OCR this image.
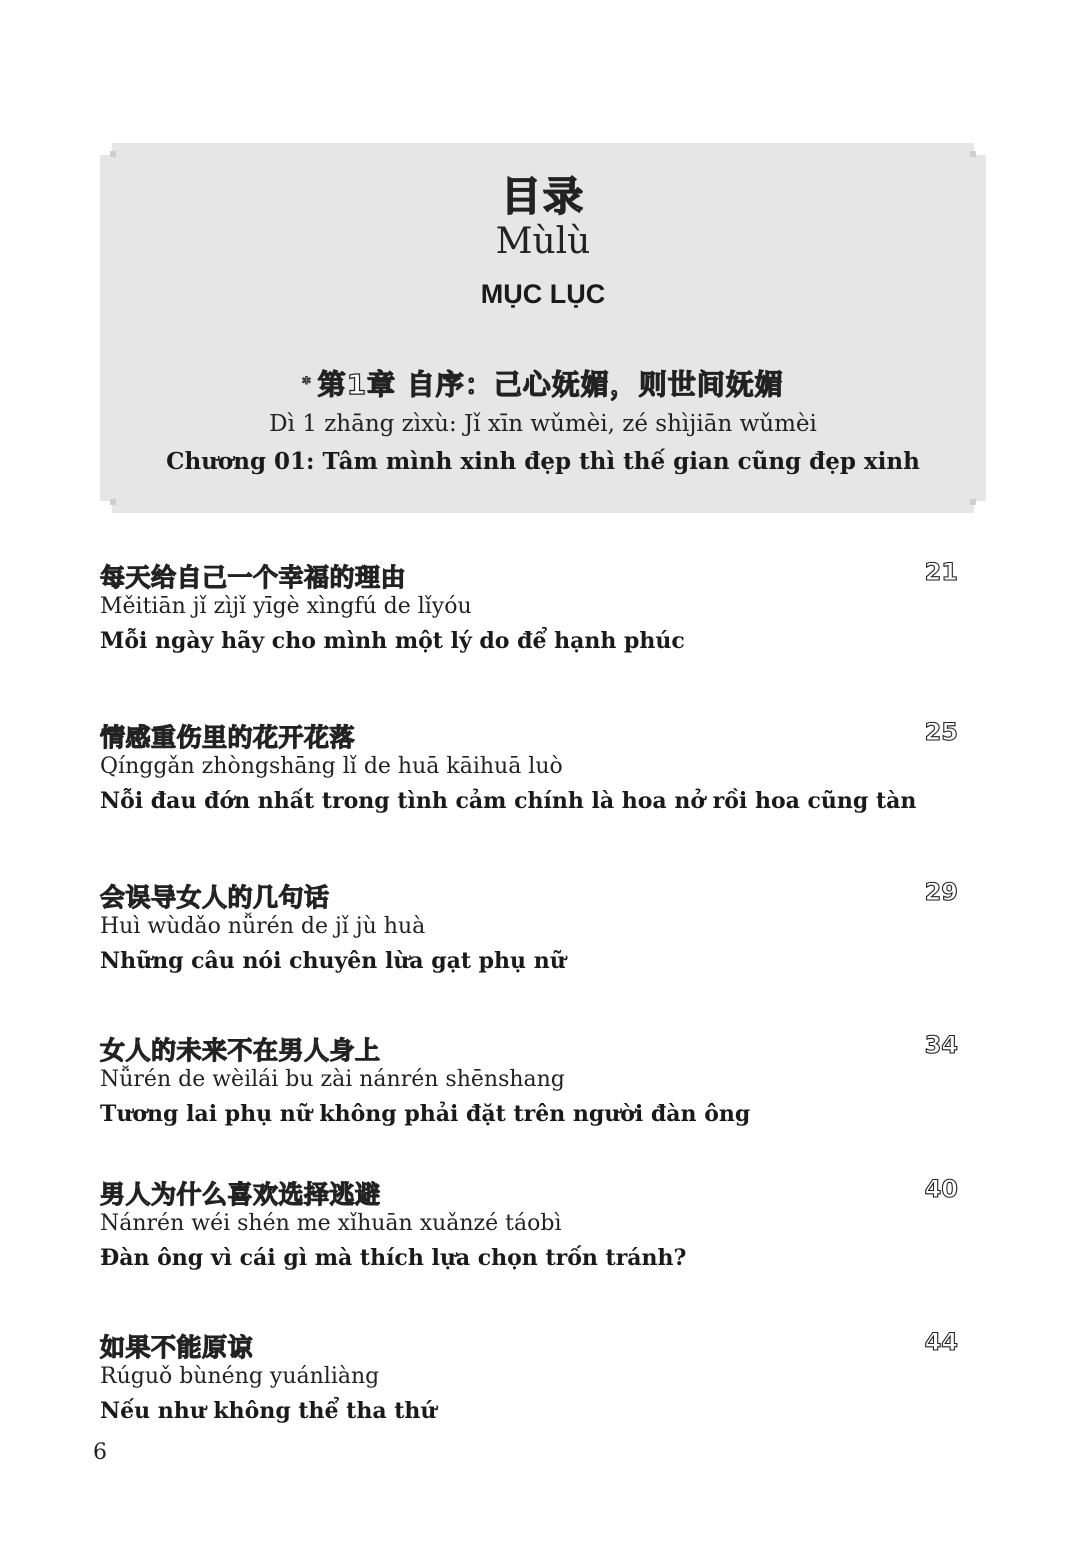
目录
Mùlù
MỤC LỤC
* 第1章 自序：己心妩媚，则世间妩媚
Dì 1 zhāng zìxù: Jǐ xīn wǔmèi, zé shìjiān wǔmèi
Chương 01: Tâm mình xinh đẹp thì thế gian cũng đẹp xinh
每天给自己一个幸福的理由	21
Měitiān jǐ zìjǐ yīgè xìngfú de lǐyóu
Mỗi ngày hãy cho mình một lý do để hạnh phúc
情感重伤里的花开花落	25
Qínggǎn zhòngshāng lǐ de huā kāihuā luò
Nỗi đau đớn nhất trong tình cảm chính là hoa nở rồi hoa cũng tàn
会误导女人的几句话	29
Huì wùdǎo nǚrén de jǐ jù huà
Những câu nói chuyên lừa gạt phụ nữ
女人的未来不在男人身上	34
Nǚrén de wèilái bu zài nánrén shēnshang
Tương lai phụ nữ không phải đặt trên người đàn ông
男人为什么喜欢选择逃避	40
Nánrén wéi shén me xǐhuān xuǎnzé táobì
Đàn ông vì cái gì mà thích lựa chọn trốn tránh?
如果不能原谅	44
Rúguǒ bùnéng yuánliàng
Nếu như không thể tha thứ
6
